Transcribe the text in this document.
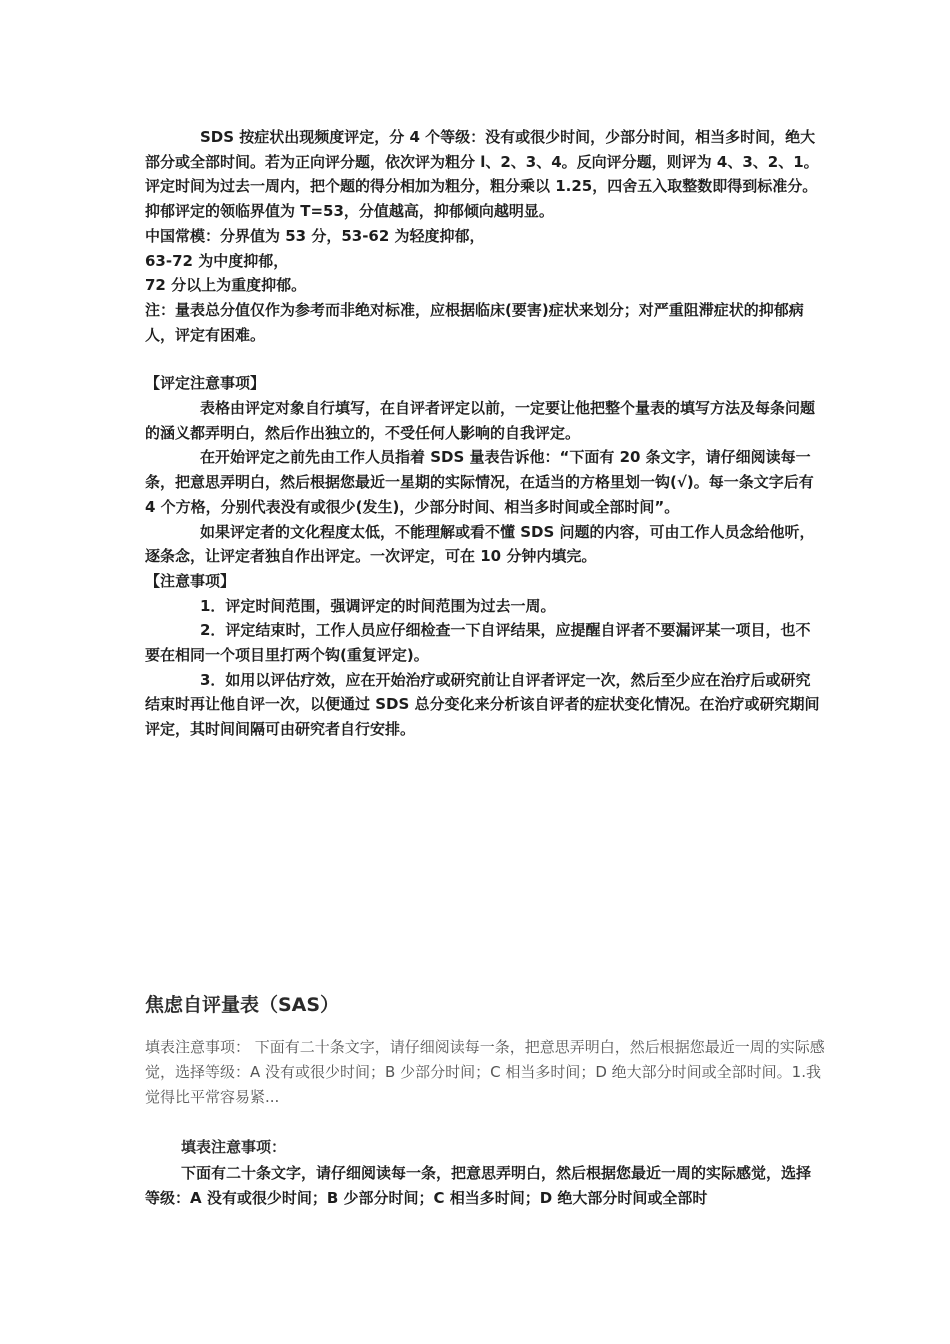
SDS 按症状出现频度评定，分 4 个等级：没有或很少时间，少部分时间，相当多时间，绝大部分或全部时间。若为正向评分题，依次评为粗分 l、2、3、4。反向评分题，则评为 4、3、2、1。评定时间为过去一周内，把个题的得分相加为粗分，粗分乘以 1.25，四舍五入取整数即得到标准分。抑郁评定的领临界值为 T=53，分值越高，抑郁倾向越明显。

中国常模：分界值为 53 分，53-62 为轻度抑郁，

63-72 为中度抑郁，

72 分以上为重度抑郁。

注：量表总分值仅作为参考而非绝对标准，应根据临床(要害)症状来划分；对严重阻滞症状的抑郁病人，评定有困难。

【评定注意事项】

表格由评定对象自行填写，在自评者评定以前，一定要让他把整个量表的填写方法及每条问题的涵义都弄明白，然后作出独立的，不受任何人影响的自我评定。

在开始评定之前先由工作人员指着 SDS 量表告诉他：“下面有 20 条文字，请仔细阅读每一条，把意思弄明白，然后根据您最近一星期的实际情况，在适当的方格里划一钩(√)。每一条文字后有 4 个方格，分别代表没有或很少(发生)，少部分时间、相当多时间或全部时间”。

如果评定者的文化程度太低，不能理解或看不懂 SDS 问题的内容，可由工作人员念给他听，逐条念，让评定者独自作出评定。一次评定，可在 10 分钟内填完。

【注意事项】

1．评定时间范围，强调评定的时间范围为过去一周。

2．评定结束时，工作人员应仔细检查一下自评结果，应提醒自评者不要漏评某一项目，也不要在相同一个项目里打两个钩(重复评定)。

3．如用以评估疗效，应在开始治疗或研究前让自评者评定一次，然后至少应在治疗后或研究结束时再让他自评一次，以便通过 SDS 总分变化来分析该自评者的症状变化情况。在治疗或研究期间评定，其时间间隔可由研究者自行安排。

焦虑自评量表（SAS）

填表注意事项： 下面有二十条文字，请仔细阅读每一条，把意思弄明白，然后根据您最近一周的实际感觉，选择等级：A 没有或很少时间；B 少部分时间；C 相当多时间；D 绝大部分时间或全部时间。1.我觉得比平常容易紧...

填表注意事项：

下面有二十条文字，请仔细阅读每一条，把意思弄明白，然后根据您最近一周的实际感觉，选择等级：A 没有或很少时间；B 少部分时间；C 相当多时间；D 绝大部分时间或全部时
